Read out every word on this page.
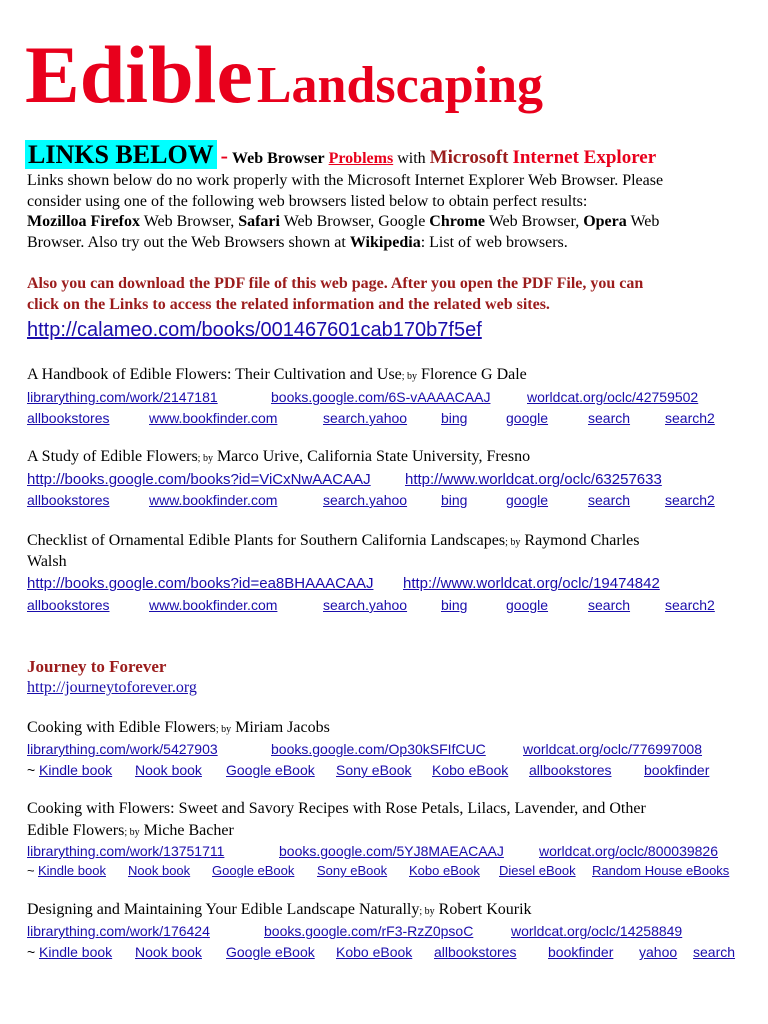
Edible Landscaping
LINKS BELOW - Web Browser Problems with Microsoft Internet Explorer
Links shown below do no work properly with the Microsoft Internet Explorer Web Browser. Please
consider using one of the following web browsers listed below to obtain perfect results:
Mozilloa Firefox Web Browser, Safari Web Browser, Google Chrome Web Browser, Opera Web
Browser. Also try out the Web Browsers shown at Wikipedia: List of web browsers.
Also you can download the PDF file of this web page. After you open the PDF File, you can
click on the Links to access the related information and the related web sites.
http://calameo.com/books/001467601cab170b7f5ef
A Handbook of Edible Flowers: Their Cultivation and Use; by Florence G Dale
librarything.com/work/2147181	books.google.com/6S-vAAAACAAJ	worldcat.org/oclc/42759502
allbookstores	www.bookfinder.com	search.yahoo bing	google	search search2
A Study of Edible Flowers; by Marco Urive, California State University, Fresno
http://books.google.com/books?id=ViCxNwAACAAJ http://www.worldcat.org/oclc/63257633
allbookstores	www.bookfinder.com	search.yahoo bing	google	search search2
Checklist of Ornamental Edible Plants for Southern California Landscapes; by Raymond Charles
Walsh
http://books.google.com/books?id=ea8BHAAACAAJ http://www.worldcat.org/oclc/19474842
allbookstores	www.bookfinder.com	search.yahoo bing	google	search search2
Journey to Forever
http://journeytoforever.org
Cooking with Edible Flowers; by Miriam Jacobs
librarything.com/work/5427903	books.google.com/Op30kSFIfCUC	worldcat.org/oclc/776997008
~ Kindle book Nook book Google eBook Sony eBook Kobo eBook allbookstores bookfinder
Cooking with Flowers: Sweet and Savory Recipes with Rose Petals, Lilacs, Lavender, and Other
Edible Flowers; by Miche Bacher
librarything.com/work/13751711	books.google.com/5YJ8MAEACAAJ	worldcat.org/oclc/800039826
~ Kindle book Nook book Google eBook Sony eBook Kobo eBook Diesel eBook Random House eBooks
Designing and Maintaining Your Edible Landscape Naturally; by Robert Kourik
librarything.com/work/176424	books.google.com/rF3-RzZ0psoC	worldcat.org/oclc/14258849
~ Kindle book Nook book Google eBook Kobo eBook allbookstores bookfinder yahoo search
